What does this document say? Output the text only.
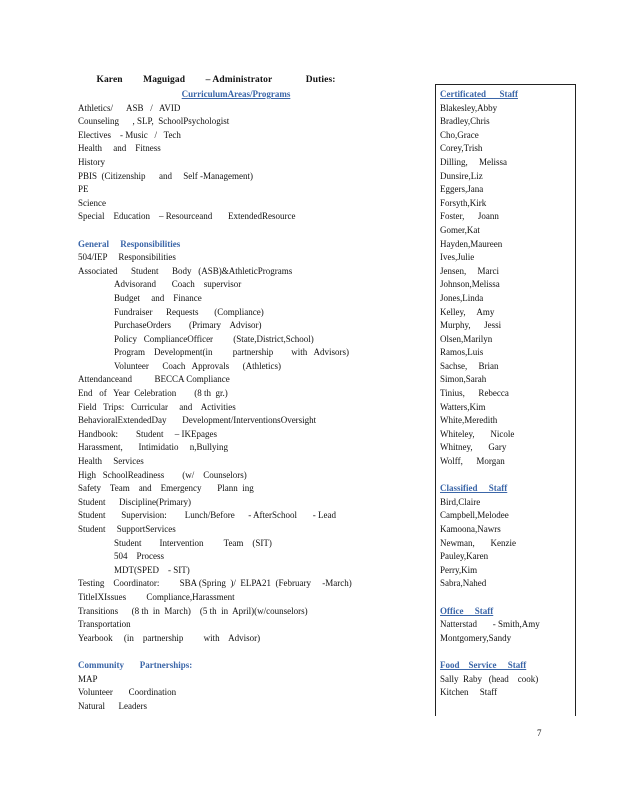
Karen Maguigad – Administrator	Duties:
CurriculumAreas/Programs
Athletics/      ASB   /   AVID
Counseling      , SLP,  SchoolPsychologist
Electives    - Music   /   Tech
Health     and    Fitness
History
PBIS  (Citizenship      and     Self -Management)
PE
Science
Special    Education    – Resourceand       ExtendedResource
General     Responsibilities
504/IEP     Responsibilities
Associated      Student      Body   (ASB)&AthleticPrograms
Advisorand       Coach    supervisor
Budget     and    Finance
Fundraiser      Requests       (Compliance)
PurchaseOrders        (Primary    Advisor)
Policy   ComplianceOfficer         (State,District,School)
Program    Development(in         partnership        with   Advisors)
Volunteer      Coach   Approvals      (Athletics)
Attendanceand          BECCA Compliance
End   of   Year  Celebration        (8 th  gr.)
Field   Trips:   Curricular     and    Activities
BehavioralExtendedDay       Development/InterventionsOversight
Handbook:        Student     – IKEpages
Harassment,       Intimidatio     n,Bullying
Health     Services
High   SchoolReadiness        (w/    Counselors)
Safety    Team    and    Emergency       Plann  ing
Student      Discipline(Primary)
Student       Supervision:        Lunch/Before      - AfterSchool       - Lead
Student     SupportServices
Student        Intervention         Team    (SIT)
504    Process
MDT(SPED    - SIT)
Testing    Coordinator:         SBA (Spring  )/  ELPA21  (February     -March)
TitleIXIssues         Compliance,Harassment
Transitions      (8 th  in  March)    (5 th  in  April)(w/counselors)
Transportation
Yearbook     (in    partnership         with    Advisor)
Community       Partnerships:
MAP
Volunteer       Coordination
Natural      Leaders
Certificated      Staff
Blakesley,Abby
Bradley,Chris
Cho,Grace
Corey,Trish
Dilling,     Melissa
Dunsire,Liz
Eggers,Jana
Forsyth,Kirk
Foster,      Joann
Gomer,Kat
Hayden,Maureen
Ives,Julie
Jensen,     Marci
Johnson,Melissa
Jones,Linda
Kelley,     Amy
Murphy,      Jessi
Olsen,Marilyn
Ramos,Luis
Sachse,     Brian
Simon,Sarah
Tinius,      Rebecca
Watters,Kim
White,Meredith
Whiteley,       Nicole
Whitney,       Gary
Wolff,      Morgan
Classified     Staff
Bird,Claire
Campbell,Melodee
Kamoona,Nawrs
Newman,       Kenzie
Pauley,Karen
Perry,Kim
Sabra,Nahed
Office     Staff
Natterstad       - Smith,Amy
Montgomery,Sandy
Food    Service     Staff
Sally  Raby   (head    cook)
Kitchen     Staff
7
